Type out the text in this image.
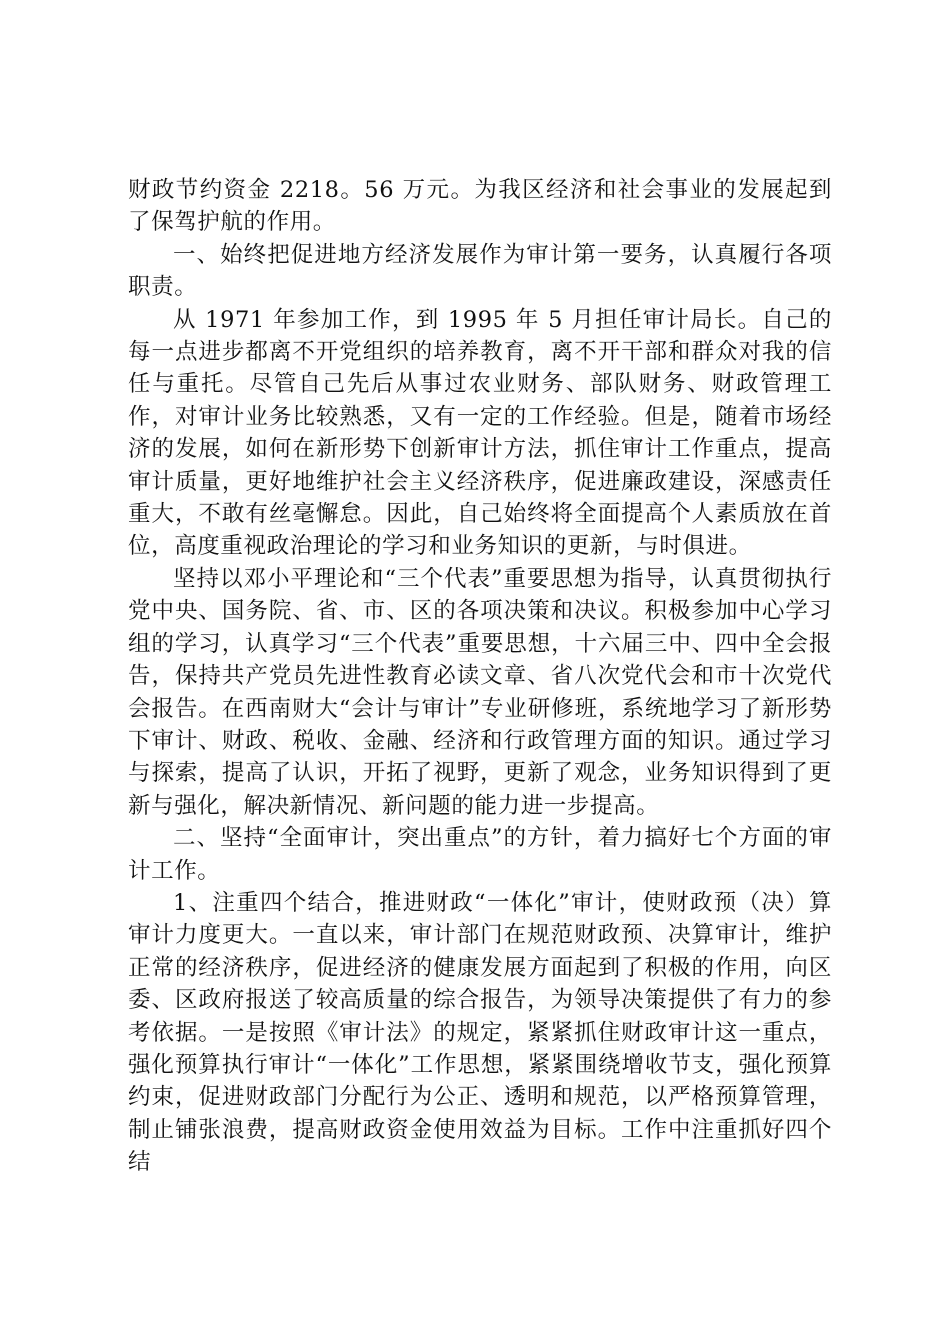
财政节约资金 2218。56 万元。为我区经济和社会事业的发展起到了保驾护航的作用。

一、始终把促进地方经济发展作为审计第一要务，认真履行各项职责。

从 1971 年参加工作，到 1995 年 5 月担任审计局长。自己的每一点进步都离不开党组织的培养教育，离不开干部和群众对我的信任与重托。尽管自己先后从事过农业财务、部队财务、财政管理工作，对审计业务比较熟悉，又有一定的工作经验。但是，随着市场经济的发展，如何在新形势下创新审计方法，抓住审计工作重点，提高审计质量，更好地维护社会主义经济秩序，促进廉政建设，深感责任重大，不敢有丝毫懈怠。因此，自己始终将全面提高个人素质放在首位，高度重视政治理论的学习和业务知识的更新，与时俱进。

坚持以邓小平理论和“三个代表”重要思想为指导，认真贯彻执行党中央、国务院、省、市、区的各项决策和决议。积极参加中心学习组的学习，认真学习“三个代表”重要思想，十六届三中、四中全会报告，保持共产党员先进性教育必读文章、省八次党代会和市十次党代会报告。在西南财大“会计与审计”专业研修班，系统地学习了新形势下审计、财政、税收、金融、经济和行政管理方面的知识。通过学习与探索，提高了认识，开拓了视野，更新了观念，业务知识得到了更新与强化，解决新情况、新问题的能力进一步提高。

二、坚持“全面审计，突出重点”的方针，着力搞好七个方面的审计工作。

1、注重四个结合，推进财政“一体化”审计，使财政预（决）算审计力度更大。一直以来，审计部门在规范财政预、决算审计，维护正常的经济秩序，促进经济的健康发展方面起到了积极的作用，向区委、区政府报送了较高质量的综合报告，为领导决策提供了有力的参考依据。一是按照《审计法》的规定，紧紧抓住财政审计这一重点，强化预算执行审计“一体化”工作思想，紧紧围绕增收节支，强化预算约束，促进财政部门分配行为公正、透明和规范，以严格预算管理，制止铺张浪费，提高财政资金使用效益为目标。工作中注重抓好四个结
